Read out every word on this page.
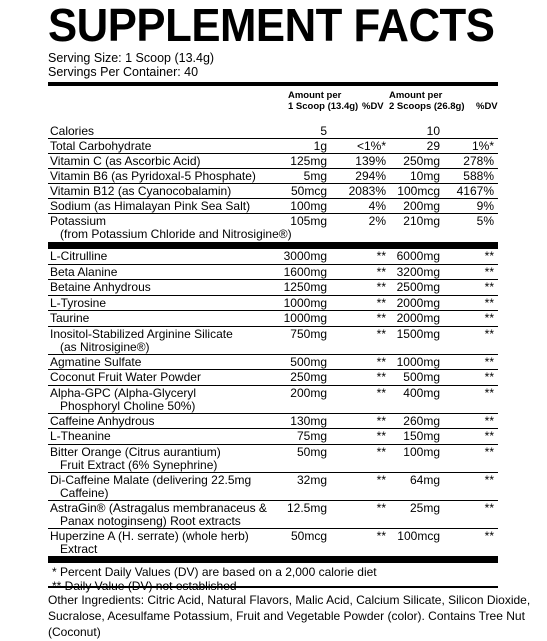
SUPPLEMENT FACTS
Serving Size: 1 Scoop (13.4g)
Servings Per Container: 40
Amount per
1 Scoop (13.4g) %DV
Amount per
2 Scoops (26.8g) %DV
Calories	5	10
Total Carbohydrate	1g <1%*	29	1%*
Vitamin C (as Ascorbic Acid)	125mg 139% 250mg 278%
Vitamin B6 (as Pyridoxal-5 Phosphate)	5mg 294% 10mg 588%
Vitamin B12 (as Cyanocobalamin)	50mcg 2083% 100mcg 4167%
Sodium (as Himalayan Pink Sea Salt)	100mg	4% 200mg	9%
Potassium
(from Potassium Chloride and Nitrosigine®)
105mg	2% 210mg	5%
L-Citrulline	3000mg	** 6000mg	**
Beta Alanine	1600mg	** 3200mg	**
Betaine Anhydrous	1250mg	** 2500mg	**
L-Tyrosine	1000mg	** 2000mg	**
Taurine	1000mg	** 2000mg	**
Inositol-Stabilized Arginine Silicate
(as Nitrosigine®)
750mg	** 1500mg	**
Agmatine Sulfate	500mg	** 1000mg	**
Coconut Fruit Water Powder	250mg	** 500mg	**
Alpha-GPC (Alpha-Glyceryl
Phosphoryl Choline 50%)
200mg	** 400mg	**
Caffeine Anhydrous	130mg	** 260mg	**
L-Theanine	75mg	** 150mg	**
Bitter Orange (Citrus aurantium)
Fruit Extract (6% Synephrine)
50mg	** 100mg	**
Di-Caffeine Malate (delivering 22.5mg
Caffeine)
32mg	** 64mg	**
AstraGin® (Astragalus membranaceus &
Panax notoginseng) Root extracts
12.5mg	** 25mg	**
Huperzine A (H. serrate) (whole herb)
Extract
50mcg	** 100mcg	**
* Percent Daily Values (DV) are based on a 2,000 calorie diet
Other Ingredients: Citric Acid, Natural Flavors, Malic Acid, Calcium Silicate, Silicon Dioxide, Sucralose, Acesulfame Potassium, Fruit and Vegetable Powder (color). Contains Tree Nut (Coconut)
